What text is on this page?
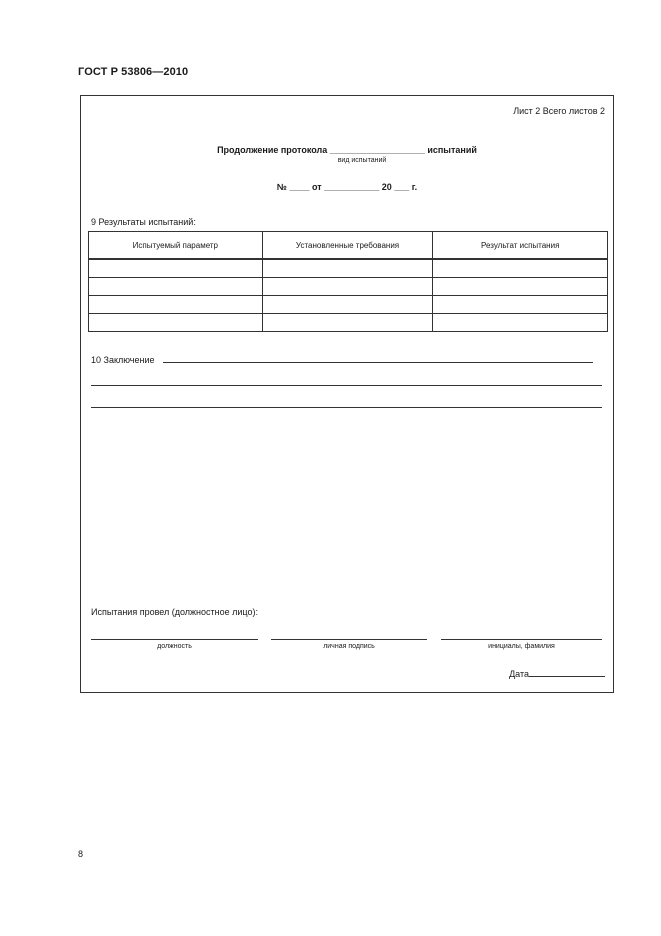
ГОСТ Р 53806—2010
Лист 2 Всего листов 2
Продолжение протокола ___________________ испытаний
вид испытаний
№ ____ от ___________ 20 ___ г.
9 Результаты испытаний:
Испытуемый параметр	Установленные требования	Результат испытания

10 Заключение
Испытания провел (должностное лицо):
должность	личная подпись	инициалы, фамилия
Дата
8
